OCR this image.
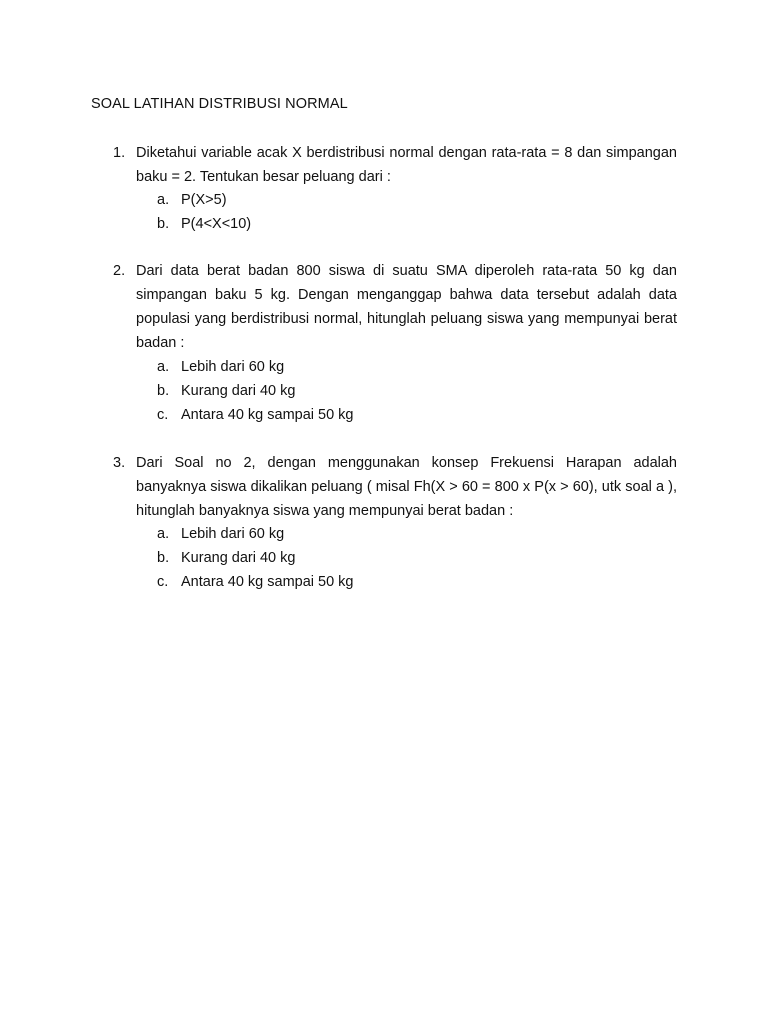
SOAL LATIHAN DISTRIBUSI NORMAL
1. Diketahui variable acak X berdistribusi normal dengan rata-rata = 8 dan simpangan baku = 2. Tentukan besar peluang dari :
a. P(X>5)
b. P(4<X<10)
2. Dari data berat badan 800 siswa di suatu SMA diperoleh rata-rata 50 kg dan simpangan baku 5 kg. Dengan menganggap bahwa data tersebut adalah data populasi yang berdistribusi normal, hitunglah peluang siswa yang mempunyai berat badan :
a. Lebih dari 60 kg
b. Kurang dari 40 kg
c. Antara 40 kg sampai 50 kg
3. Dari Soal no 2, dengan menggunakan konsep Frekuensi Harapan adalah banyaknya siswa dikalikan peluang ( misal Fh(X > 60 = 800 x P(x > 60), utk soal a ), hitunglah banyaknya siswa yang mempunyai berat badan :
a. Lebih dari 60 kg
b. Kurang dari 40 kg
c. Antara 40 kg sampai 50 kg
